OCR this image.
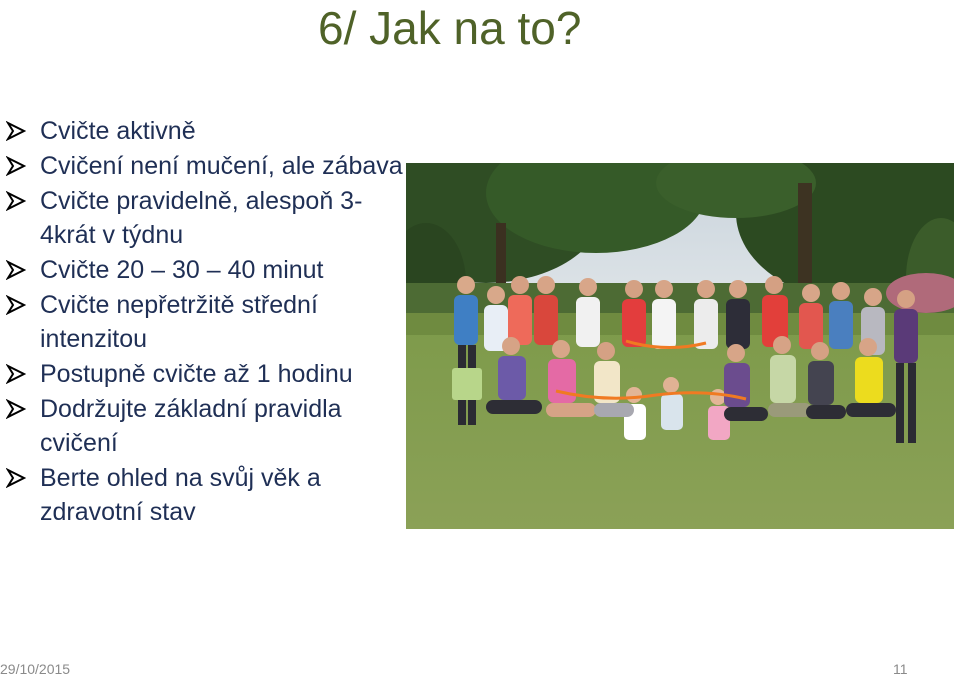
6/ Jak na to?
Cvičte aktivně
Cvičení není mučení, ale zábava
Cvičte pravidelně, alespoň 3-4krát v týdnu
Cvičte 20 – 30 – 40 minut
Cvičte nepřetržitě střední intenzitou
Postupně cvičte až 1 hodinu
Dodržujte základní pravidla cvičení
Berte ohled na svůj věk a zdravotní stav
29/10/2015	11
